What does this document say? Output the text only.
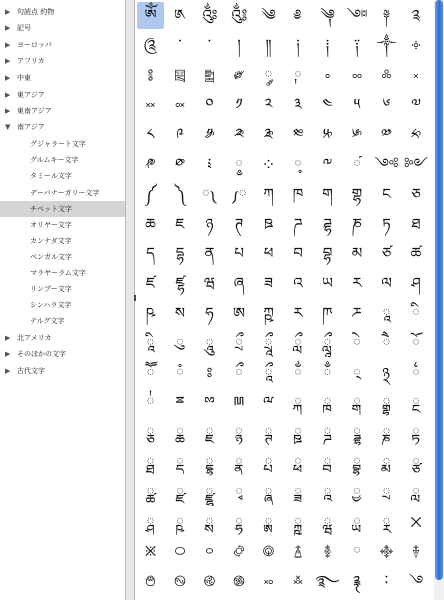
▶ 句読点 約物
▶ 記号
▶ ヨーロッパ
▶ アフリカ
▶ 中東
▶ 東アジア
▶ 東南アジア
▼ 南アジア
グジャラート文字
グルムキー文字
タミール文字
デーバナーガリー文字
チベット文字
オリヤー文字
カンナダ文字
ベンガル文字
マラヤーラム文字
リンブー文字
シンハラ文字
テルグ文字
▶ 北アメリカ
▶ そのほかの文字
▶ 古代文字
ༀ	༁	༂ ༃ ༄	༅	༆ ༇	༈	༉
༊	་	༌	།	༎	༏	༐	༑	༒	༓
༔	༕	༖	༗	༘	༙	༚	༛	༜	༝
༞	༟	༠	༡	༢	༣	༤	༥	༦	༧
༨	༩	༪	༫	༬	༭	༮	༯	༰	༱
༲	༳	༴	༵	༶	༷	༸	༹ ༺ ༻
༼	༽	༾ ༿	ཀ	ཁ	ག	གྷ	ང	ཅ
ཆ	ཇ	ཉ	ཊ	ཋ	ཌ	ཌྷ	ཎ	ཏ	ཐ
ད	དྷ	ན	པ	ཕ	བ	བྷ	མ	ཙ	ཚ
ཛ	ཛྷ	ཝ	ཞ	ཟ	འ	ཡ	ར	ལ	ཤ
ཥ	ས	ཧ	ཨ	ཀྵ	ཪ	ཫ	ཬ	ཱ	ི
ཱི	ུ	ཱུ	ྲྀ	ཷ	ླྀ	ཹ	ེ	ཻ	ོ
ཽ	ཾ	ཿ	ྀ	ཱྀ	ྂ	ྃ	྄	྅	྆
྇	ྈ	ྉ	ྊ	ྋ	ྐ	ྑ	ྒ	ྒྷ	ྔ
ྕ	ྖ	ྗ	ྙ	ྚ	ྛ	ྜ	ྜྷ	ྞ	ྟ
ྠ	ྡ	ྡྷ	ྣ	ྤ	ྥ	ྦ	ྦྷ	ྨ	ྩ
ྪ	ྫ	ྫྷ	ྭ	ྮ	ྯ	ྰ	ྱ	ྲ	ླ
ྴ	ྵ	ྶ	ྷ	ྸ	ྐྵ	ྺ	ྻ	ྼ	྾
྿	࿀	࿁	࿂	࿃	࿄	࿅	࿆	࿇	࿈
࿉	࿊	࿋	࿌	࿎	࿏ ࿐ ࿑	࿒	࿓
